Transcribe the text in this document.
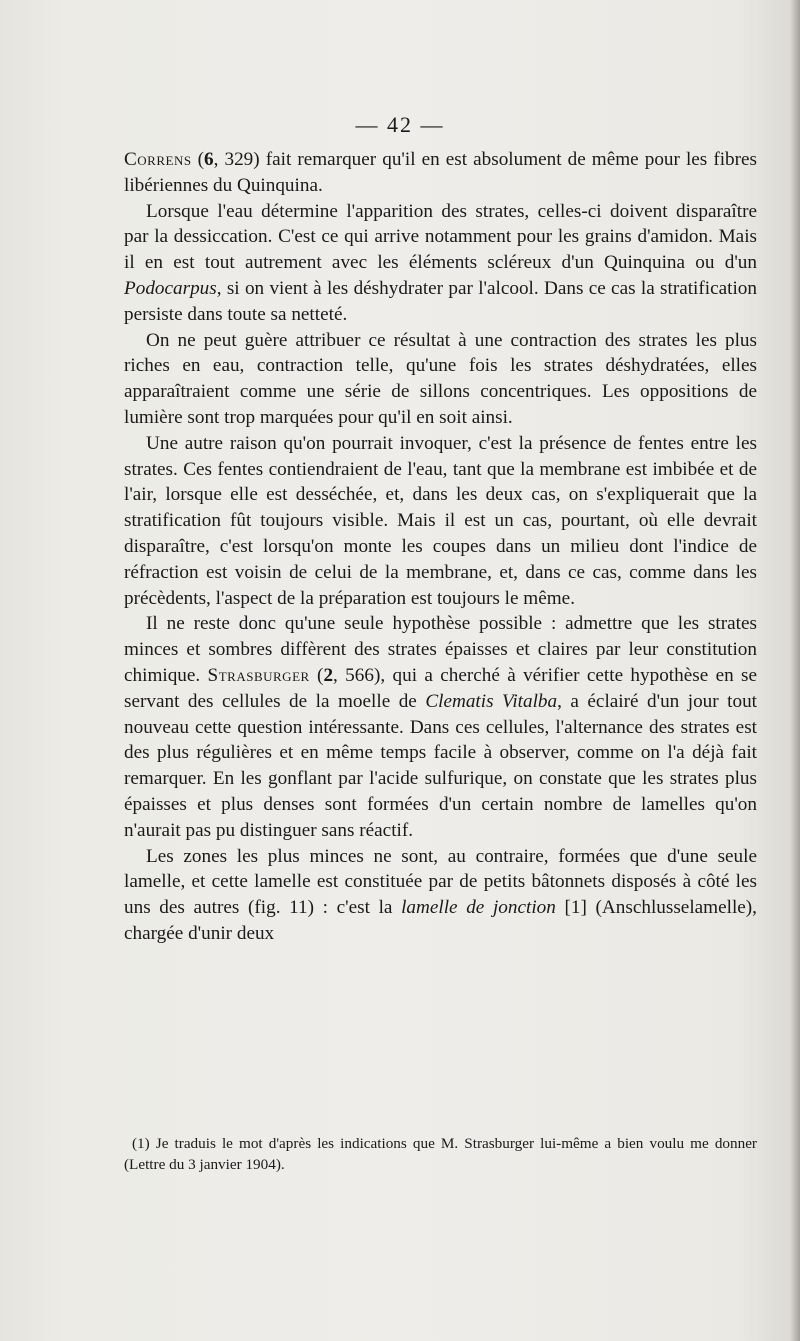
— 42 —

Correns (6, 329) fait remarquer qu'il en est absolument de même pour les fibres libériennes du Quinquina.

Lorsque l'eau détermine l'apparition des strates, celles-ci doivent disparaître par la dessiccation. C'est ce qui arrive notamment pour les grains d'amidon. Mais il en est tout autrement avec les éléments scléreux d'un Quinquina ou d'un Podocarpus, si on vient à les déshydrater par l'alcool. Dans ce cas la stratification persiste dans toute sa netteté.

On ne peut guère attribuer ce résultat à une contraction des strates les plus riches en eau, contraction telle, qu'une fois les strates déshydratées, elles apparaîtraient comme une série de sillons concentriques. Les oppositions de lumière sont trop marquées pour qu'il en soit ainsi.

Une autre raison qu'on pourrait invoquer, c'est la présence de fentes entre les strates. Ces fentes contiendraient de l'eau, tant que la membrane est imbibée et de l'air, lorsque elle est desséchée, et, dans les deux cas, on s'expliquerait que la stratification fût toujours visible. Mais il est un cas, pourtant, où elle devrait disparaître, c'est lorsqu'on monte les coupes dans un milieu dont l'indice de réfraction est voisin de celui de la membrane, et, dans ce cas, comme dans les précèdents, l'aspect de la préparation est toujours le même.

Il ne reste donc qu'une seule hypothèse possible : admettre que les strates minces et sombres diffèrent des strates épaisses et claires par leur constitution chimique. Strasburger (2, 566), qui a cherché à vérifier cette hypothèse en se servant des cellules de la moelle de Clematis Vitalba, a éclairé d'un jour tout nouveau cette question intéressante. Dans ces cellules, l'alternance des strates est des plus régulières et en même temps facile à observer, comme on l'a déjà fait remarquer. En les gonflant par l'acide sulfurique, on constate que les strates plus épaisses et plus denses sont formées d'un certain nombre de lamelles qu'on n'aurait pas pu distinguer sans réactif.

Les zones les plus minces ne sont, au contraire, formées que d'une seule lamelle, et cette lamelle est constituée par de petits bâtonnets disposés à côté les uns des autres (fig. 11) : c'est la lamelle de jonction [1] (Anschlusselamelle), chargée d'unir deux

(1) Je traduis le mot d'après les indications que M. Strasburger lui-même a bien voulu me donner (Lettre du 3 janvier 1904).
